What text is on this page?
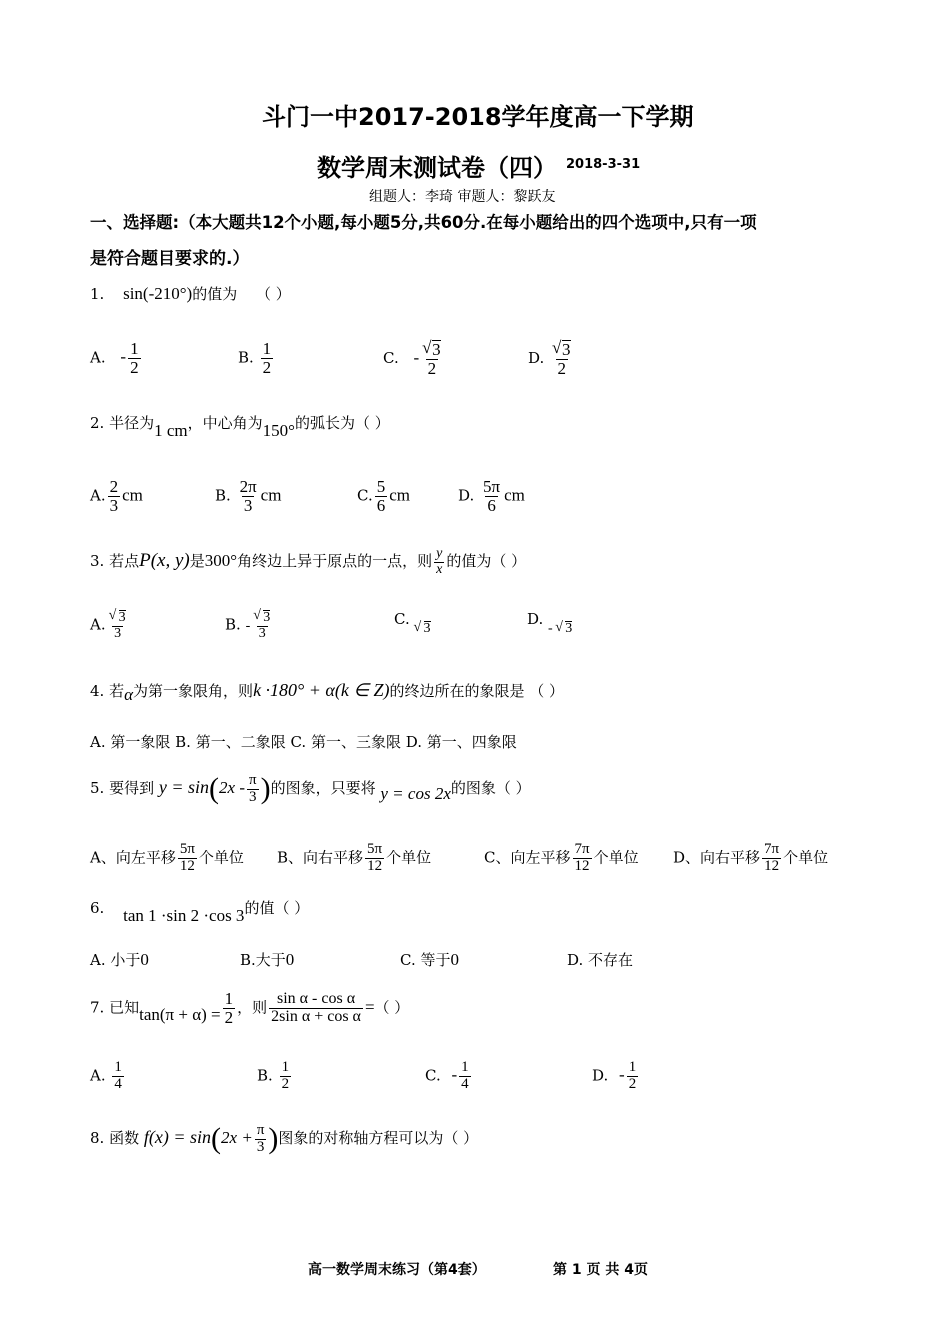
斗门一中2017-2018学年度高一下学期
数学周末测试卷（四） 2018-3-31
组题人：李琦 审题人：黎跃友
一、选择题:（本大题共12个小题,每小题5分,共60分.在每小题给出的四个选项中,只有一项
是符合题目要求的.）
1. sin(-210°)的值为 （ ）
A. - $\frac{1}{2}$	B. $\frac{1}{2}$	C. - √ $\frac{3}{2}$	D. √ $\frac{3}{2}$
2. 半径为1 cm，中心角为150°的弧长为（ ）
A. $\frac{2}{3}$ cm	B. $\frac{2\pi}{3}$ cm	C. $\frac{5}{6}$ cm	D. $\frac{5\pi}{6}$ cm
3. 若点P(x, y)是300°角终边上异于原点的一点，则 $\frac{y}{x}$ 的值为（ ）
A. √ $\frac{3}{3}$	B. - √ $\frac{3}{3}$	C. √ 3
D. - √ 3
4. 若α为第一象限角，则k ·180° + α(k ∈ Z)的终边所在的象限是 （ ）
A. 第一象限 B. 第一、二象限 C. 第一、三象限 D. 第一、四象限
5. 要得到 $y = \sin(2x - \frac{\pi}{3}$ )的图象，只要将 y = cos 2x的图象（ ）
A、向左平移 $\frac{5\pi}{12}$ 个单位 B、向右平移 $\frac{5\pi}{12}$ 个单位	C、向左平移 $\frac{7\pi}{12}$ 个单位 D、向右平移 $\frac{7\pi}{12}$ 个单位
6. tan 1 ·sin 2 ·cos 3的值（ ）
A. 小于0	B.大于0	C. 等于0	D. 不存在
7. 已知$\tan(\pi + \alpha) = \frac{1}{2}$ ，则 $\frac{\text{sin α - cos α}}{\text{2sin α + cos α}}$ =（ ）
A. $\frac{1}{4}$	B. $\frac{1}{2}$	C. - $\frac{1}{4}$	D. - $\frac{1}{2}$
8. 函数 $f(x) = \sin(2x + \frac{\pi}{3}$ )图象的对称轴方程可以为（ ）
高一数学周末练习（第4套）	第 1 页 共 4页
